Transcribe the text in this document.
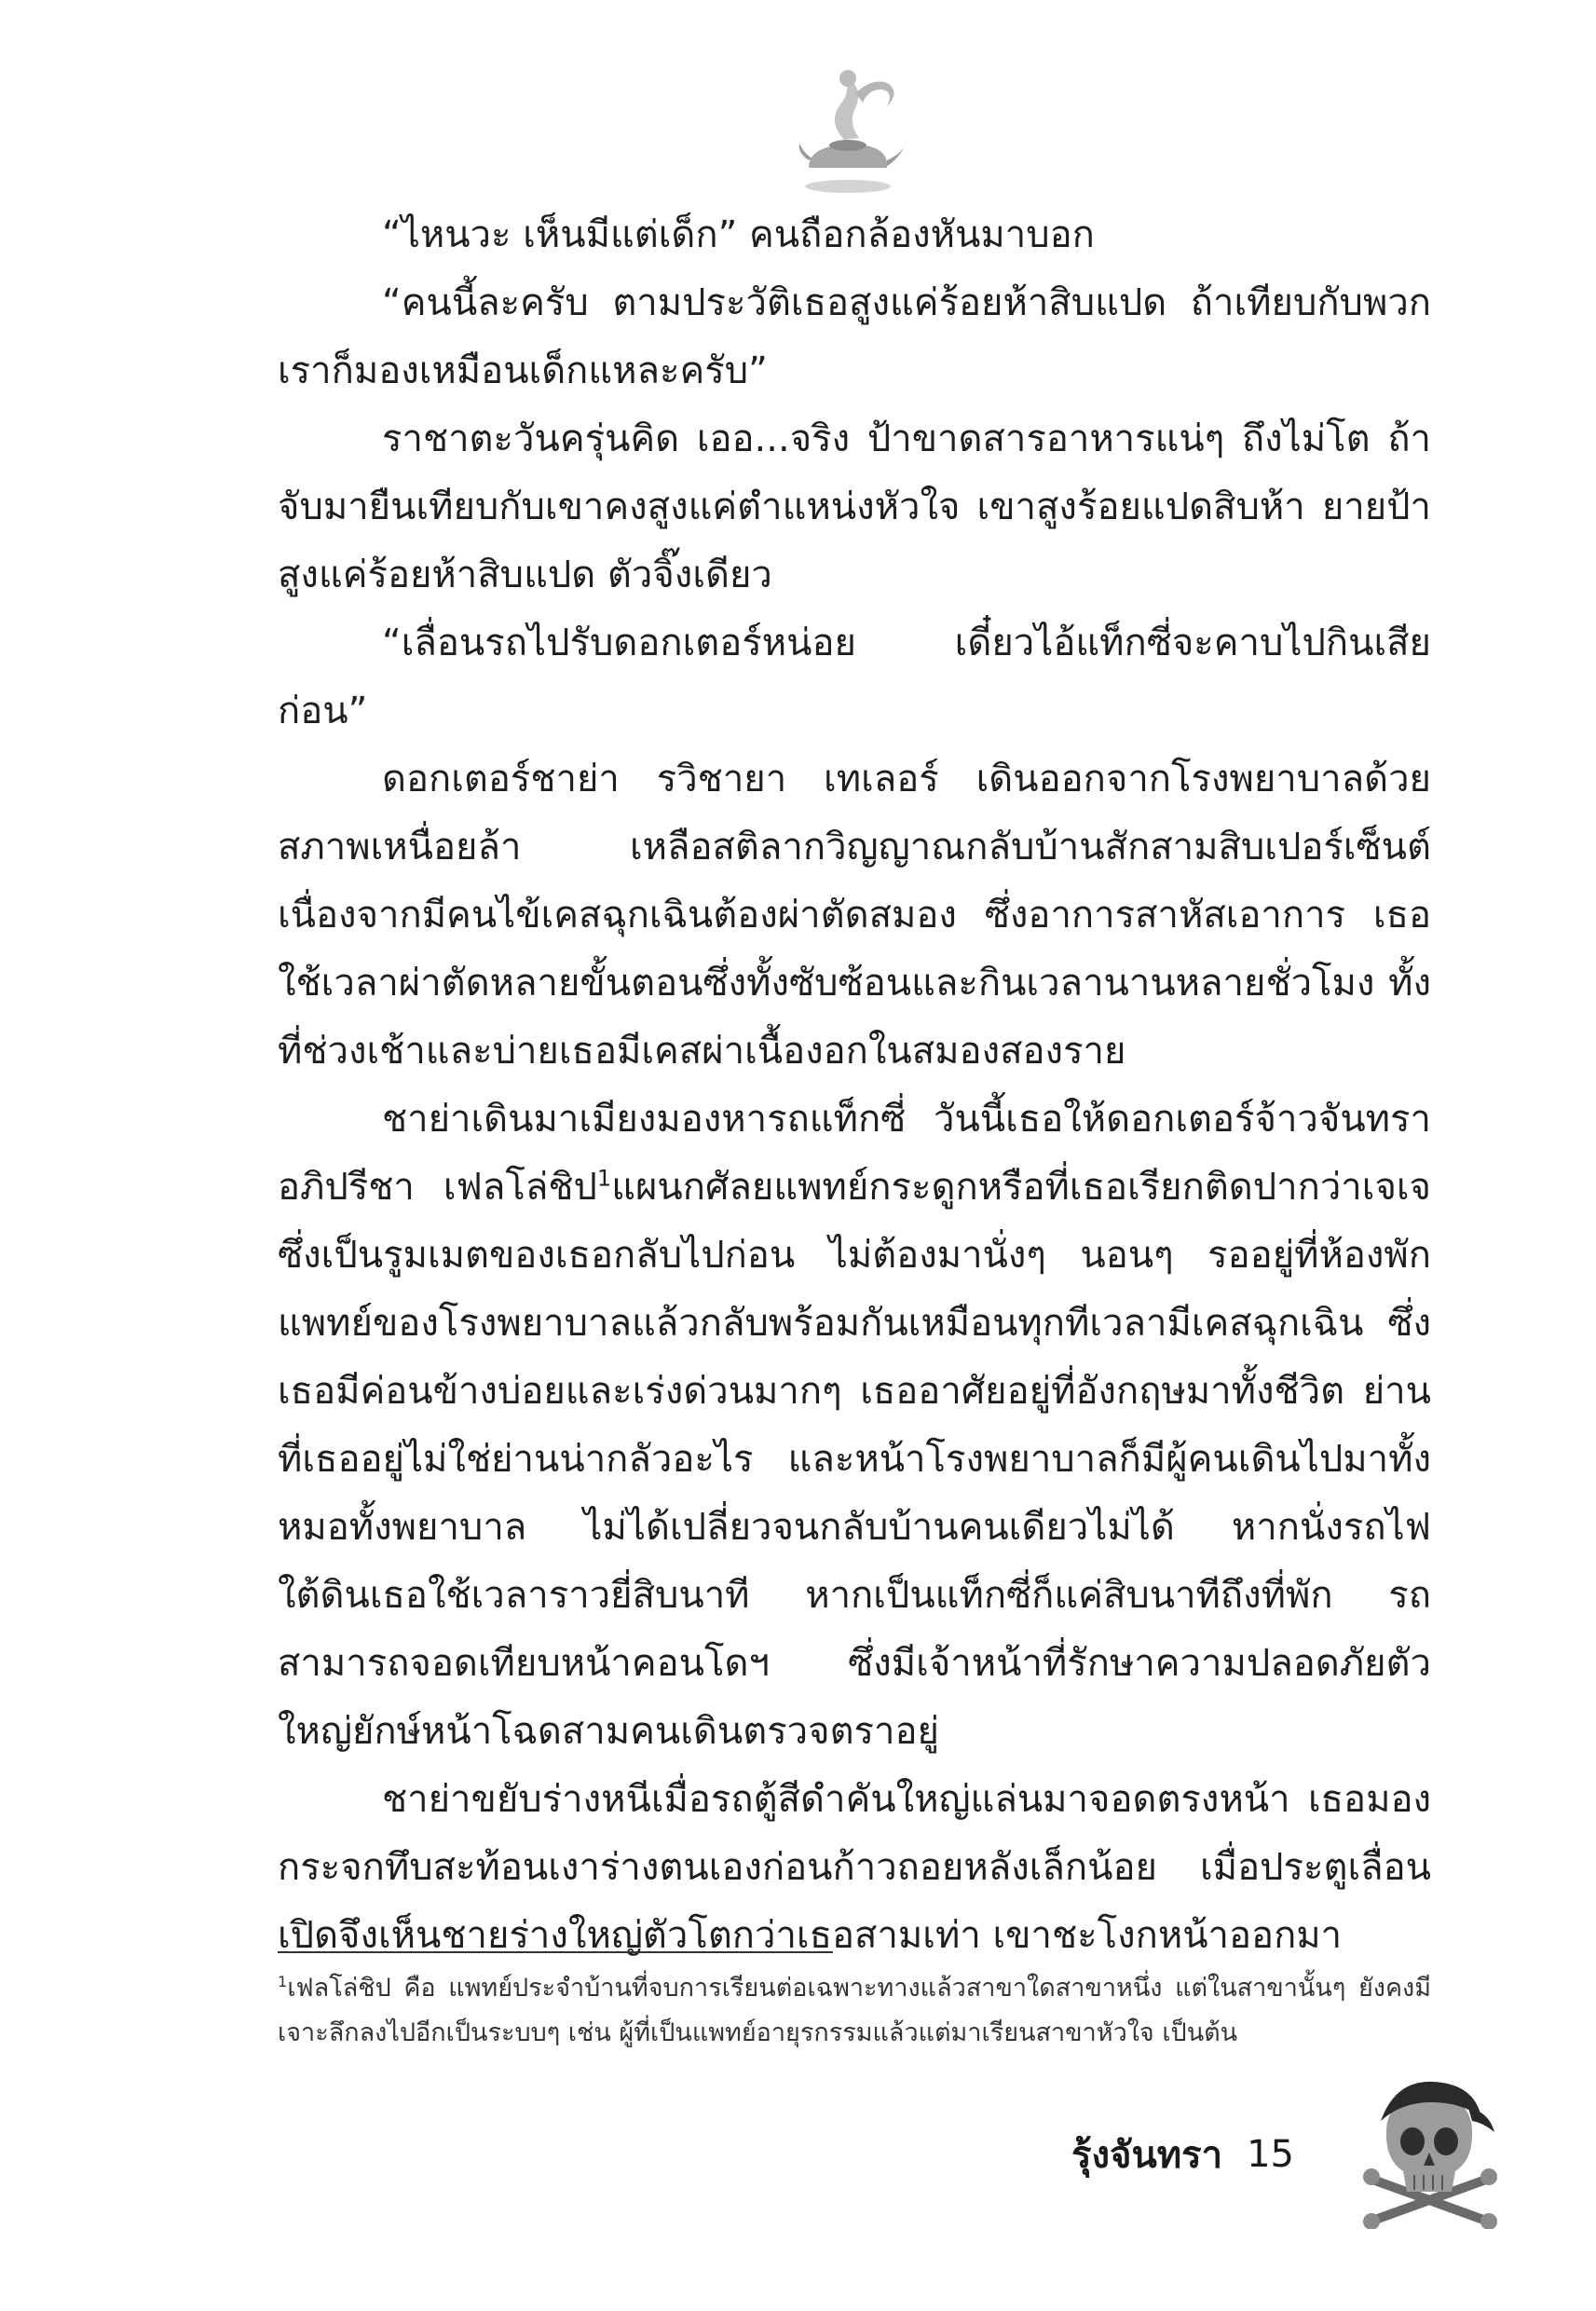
“ไหนวะ เห็นมีแต่เด็ก” คนถือกล้องหันมาบอก

“คนนี้ละครับ ตามประวัติเธอสูงแค่ร้อยห้าสิบแปด ถ้าเทียบกับพวกเราก็มองเหมือนเด็กแหละครับ”

ราชาตะวันครุ่นคิด เออ...จริง ป้าขาดสารอาหารแน่ๆ ถึงไม่โต ถ้าจับมายืนเทียบกับเขาคงสูงแค่ตำแหน่งหัวใจ เขาสูงร้อยแปดสิบห้า ยายป้าสูงแค่ร้อยห้าสิบแปด ตัวจิ๊งเดียว

“เลื่อนรถไปรับดอกเตอร์หน่อย เดี๋ยวไอ้แท็กซี่จะคาบไปกินเสียก่อน”

ดอกเตอร์ชาย่า รวิชายา เทเลอร์ เดินออกจากโรงพยาบาลด้วยสภาพเหนื่อยล้า เหลือสติลากวิญญาณกลับบ้านสักสามสิบเปอร์เซ็นต์ เนื่องจากมีคนไข้เคสฉุกเฉินต้องผ่าตัดสมอง ซึ่งอาการสาหัสเอาการ เธอใช้เวลาผ่าตัดหลายขั้นตอนซึ่งทั้งซับซ้อนและกินเวลานานหลายชั่วโมง ทั้งที่ช่วงเช้าและบ่ายเธอมีเคสผ่าเนื้องอกในสมองสองราย

ชาย่าเดินมาเมียงมองหารถแท็กซี่ วันนี้เธอให้ดอกเตอร์จ้าวจันทรา อภิปรีชา เฟลโล่ชิป$^1$แผนกศัลยแพทย์กระดูกหรือที่เธอเรียกติดปากว่าเจเจซึ่งเป็นรูมเมตของเธอกลับไปก่อน ไม่ต้องมานั่งๆ นอนๆ รออยู่ที่ห้องพักแพทย์ของโรงพยาบาลแล้วกลับพร้อมกันเหมือนทุกทีเวลามีเคสฉุกเฉิน ซึ่งเธอมีค่อนข้างบ่อยและเร่งด่วนมากๆ เธออาศัยอยู่ที่อังกฤษมาทั้งชีวิต ย่านที่เธออยู่ไม่ใช่ย่านน่ากลัวอะไร และหน้าโรงพยาบาลก็มีผู้คนเดินไปมาทั้งหมอทั้งพยาบาล ไม่ได้เปลี่ยวจนกลับบ้านคนเดียวไม่ได้ หากนั่งรถไฟใต้ดินเธอใช้เวลาราวยี่สิบนาที หากเป็นแท็กซี่ก็แค่สิบนาทีถึงที่พัก รถสามารถจอดเทียบหน้าคอนโดฯ ซึ่งมีเจ้าหน้าที่รักษาความปลอดภัยตัวใหญ่ยักษ์หน้าโฉดสามคนเดินตรวจตราอยู่

ชาย่าขยับร่างหนีเมื่อรถตู้สีดำคันใหญ่แล่นมาจอดตรงหน้า เธอมองกระจกทึบสะท้อนเงาร่างตนเองก่อนก้าวถอยหลังเล็กน้อย เมื่อประตูเลื่อนเปิดจึงเห็นชายร่างใหญ่ตัวโตกว่าเธอสามเท่า เขาชะโงกหน้าออกมา

$^1$เฟลโล่ชิป คือ แพทย์ประจำบ้านที่จบการเรียนต่อเฉพาะทางแล้วสาขาใดสาขาหนึ่ง แต่ในสาขานั้นๆ ยังคงมีเจาะลึกลงไปอีกเป็นระบบๆ เช่น ผู้ที่เป็นแพทย์อายุรกรรมแล้วแต่มาเรียนสาขาหัวใจ เป็นต้น

รุ้งจันทรา 15
